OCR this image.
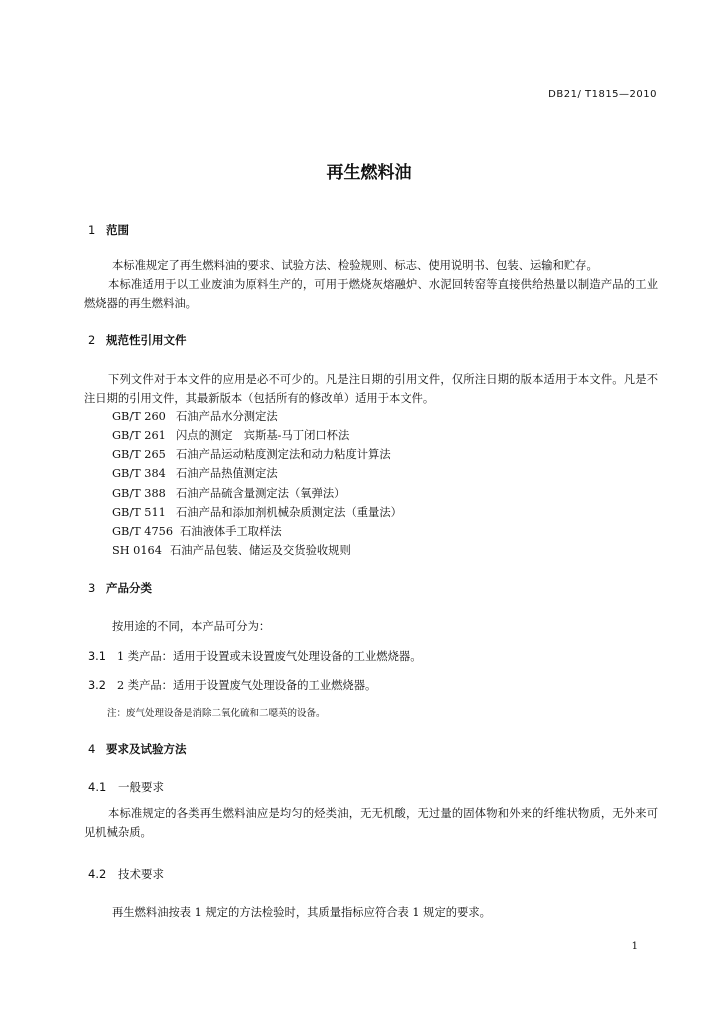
DB21/ T1815—2010
再生燃料油
1 范围
本标准规定了再生燃料油的要求、试验方法、检验规则、标志、使用说明书、包装、运输和贮存。
本标准适用于以工业废油为原料生产的，可用于燃烧灰熔融炉、水泥回转窑等直接供给热量以制造产品的工业燃烧器的再生燃料油。
2 规范性引用文件
下列文件对于本文件的应用是必不可少的。凡是注日期的引用文件，仅所注日期的版本适用于本文件。凡是不注日期的引用文件，其最新版本（包括所有的修改单）适用于本文件。
GB/T 260 石油产品水分测定法
GB/T 261 闪点的测定　宾斯基-马丁闭口杯法
GB/T 265 石油产品运动粘度测定法和动力粘度计算法
GB/T 384 石油产品热值测定法
GB/T 388 石油产品硫含量测定法（氧弹法）
GB/T 511 石油产品和添加剂机械杂质测定法（重量法）
GB/T 4756 石油液体手工取样法
SH 0164 石油产品包装、储运及交货验收规则
3 产品分类
按用途的不同，本产品可分为：
3.1 1 类产品：适用于设置或未设置废气处理设备的工业燃烧器。
3.2 2 类产品：适用于设置废气处理设备的工业燃烧器。
注：废气处理设备是消除二氧化硫和二噁英的设备。
4 要求及试验方法
4.1 一般要求
本标准规定的各类再生燃料油应是均匀的烃类油，无无机酸，无过量的固体物和外来的纤维状物质，无外来可见机械杂质。
4.2 技术要求
再生燃料油按表 1 规定的方法检验时，其质量指标应符合表 1 规定的要求。
1
